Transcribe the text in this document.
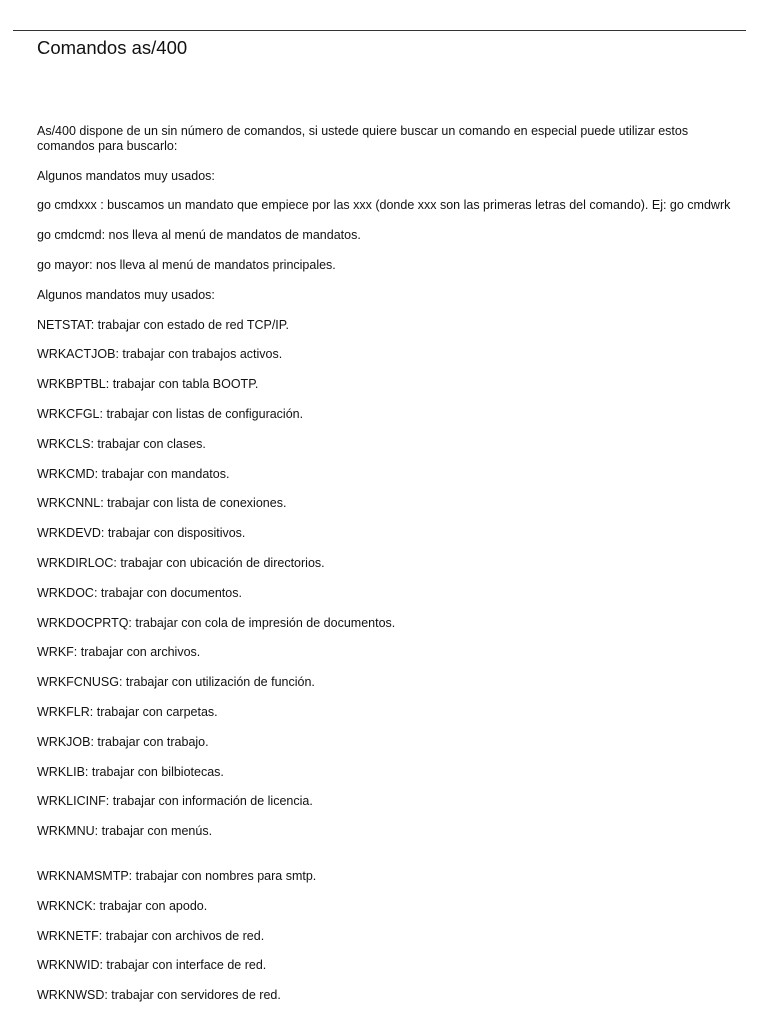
Comandos as/400

As/400 dispone de un sin número de comandos, si ustede quiere buscar un comando en especial puede utilizar estos comandos para buscarlo:

Algunos mandatos muy usados:

go cmdxxx : buscamos un mandato que empiece por las xxx (donde xxx son las primeras letras del comando). Ej: go cmdwrk

go cmdcmd: nos lleva al menú de mandatos de mandatos.

go mayor: nos lleva al menú de mandatos principales.

Algunos mandatos muy usados:

NETSTAT: trabajar con estado de red TCP/IP.

WRKACTJOB: trabajar con trabajos activos.

WRKBPTBL: trabajar con tabla BOOTP.

WRKCFGL: trabajar con listas de configuración.

WRKCLS: trabajar con clases.

WRKCMD: trabajar con mandatos.

WRKCNNL: trabajar con lista de conexiones.

WRKDEVD: trabajar con dispositivos.

WRKDIRLOC: trabajar con ubicación de directorios.

WRKDOC: trabajar con documentos.

WRKDOCPRTQ: trabajar con cola de impresión de documentos.

WRKF: trabajar con archivos.

WRKFCNUSG: trabajar con utilización de función.

WRKFLR: trabajar con carpetas.

WRKJOB: trabajar con trabajo.

WRKLIB: trabajar con bilbiotecas.

WRKLICINF: trabajar con información de licencia.

WRKMNU: trabajar con menús.

WRKNAMSMTP: trabajar con nombres para smtp.

WRKNCK: trabajar con apodo.

WRKNETF: trabajar con archivos de red.

WRKNWID: trabajar con interface de red.

WRKNWSD: trabajar con servidores de red.
